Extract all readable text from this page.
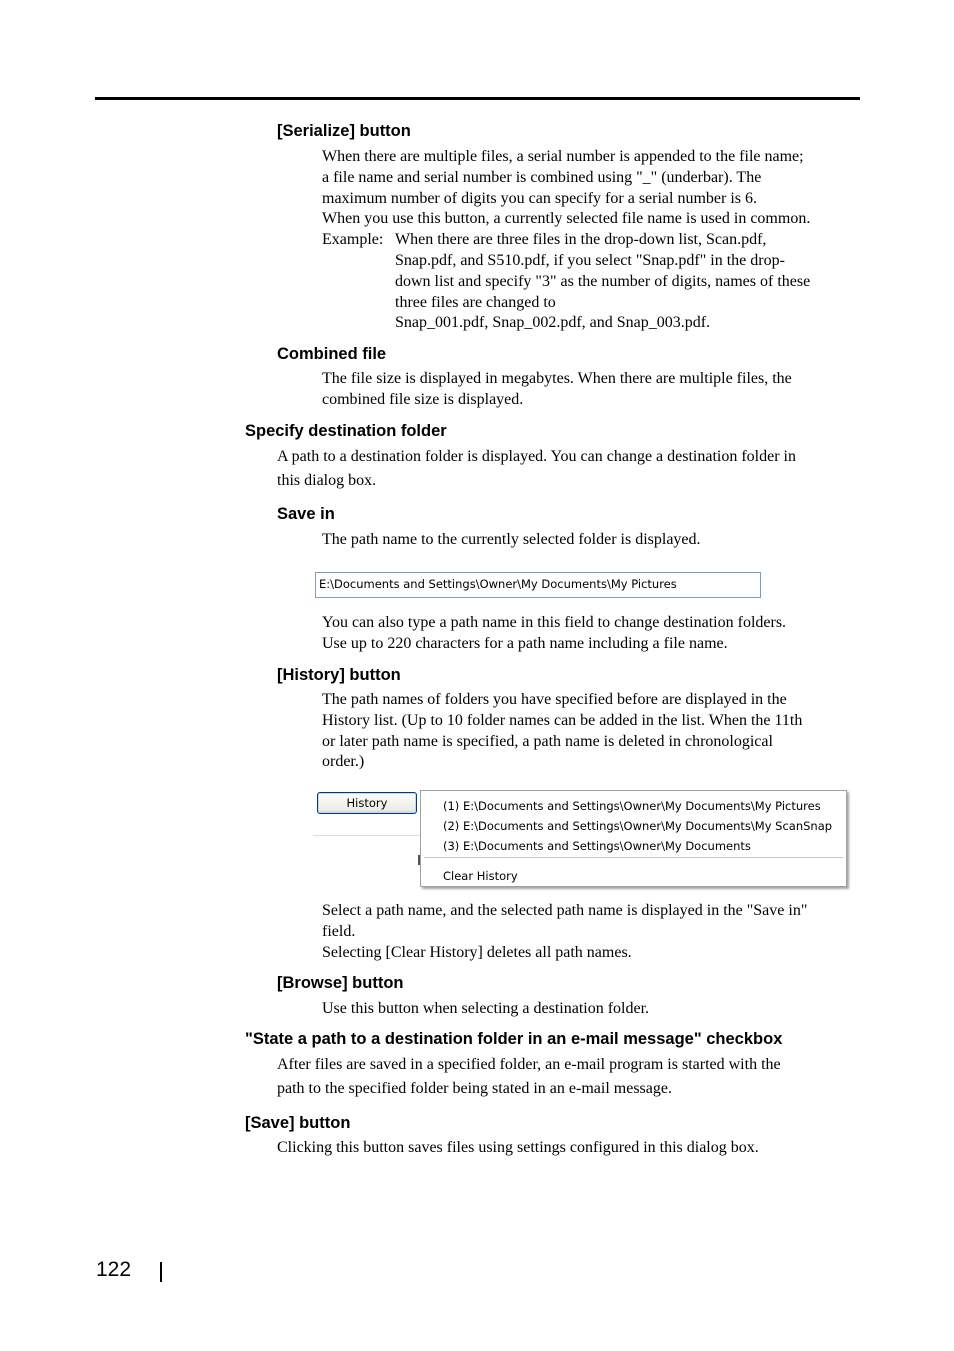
[Serialize] button
When there are multiple files, a serial number is appended to the file name;
a file name and serial number is combined using "_" (underbar). The
maximum number of digits you can specify for a serial number is 6.
When you use this button, a currently selected file name is used in common.
Example: When there are three files in the drop-down list, Scan.pdf,
Snap.pdf, and S510.pdf, if you select "Snap.pdf" in the drop-
down list and specify "3" as the number of digits, names of these
three files are changed to
Snap_001.pdf, Snap_002.pdf, and Snap_003.pdf.
Combined file
The file size is displayed in megabytes. When there are multiple files, the
combined file size is displayed.
Specify destination folder
A path to a destination folder is displayed. You can change a destination folder in
this dialog box.
Save in
The path name to the currently selected folder is displayed.
E:\Documents and Settings\Owner\My Documents\My Pictures
You can also type a path name in this field to change destination folders.
Use up to 220 characters for a path name including a file name.
[History] button
The path names of folders you have specified before are displayed in the
History list. (Up to 10 folder names can be added in the list. When the 11th
or later path name is specified, a path name is deleted in chronological
order.)
History	(1) E:\Documents and Settings\Owner\My Documents\My Pictures
(2) E:\Documents and Settings\Owner\My Documents\My ScanSnap
(3) E:\Documents and Settings\Owner\My Documents
Clear History
Select a path name, and the selected path name is displayed in the "Save in"
field.
Selecting [Clear History] deletes all path names.
[Browse] button
Use this button when selecting a destination folder.
"State a path to a destination folder in an e-mail message" checkbox
After files are saved in a specified folder, an e-mail program is started with the
path to the specified folder being stated in an e-mail message.
[Save] button
Clicking this button saves files using settings configured in this dialog box.
122
